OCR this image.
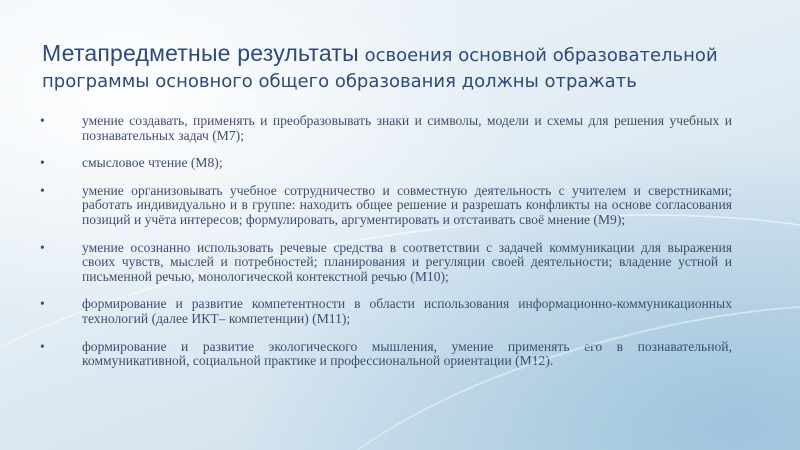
Метапредметные результаты освоения основной образовательной программы основного общего образования должны отражать
•	умение создавать, применять и преобразовывать знаки и символы, модели и схемы для решения учебных и познавательных задач (М7);
•	смысловое чтение (М8);
•	умение организовывать учебное сотрудничество и совместную деятельность с учителем и сверстниками; работать индивидуально и в группе: находить общее решение и разрешать конфликты на основе согласования позиций и учёта интересов; формулировать, аргументировать и отстаивать своё мнение (М9);
•	умение осознанно использовать речевые средства в соответствии с задачей коммуникации для выражения своих чувств, мыслей и потребностей; планирования и регуляции своей деятельности; владение устной и письменной речью, монологической контекстной речью (М10);
•	формирование и развитие компетентности в области использования информационно-коммуникационных технологий (далее ИКТ– компетенции) (М11);
•	формирование и развитие экологического мышления, умение применять его в познавательной, коммуникативной, социальной практике и профессиональной ориентации (М12).
